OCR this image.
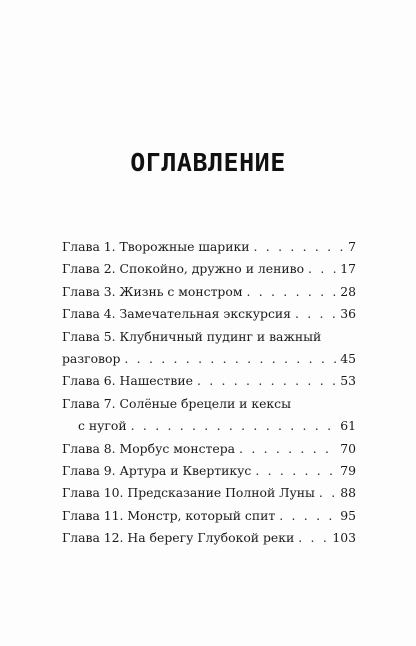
ОГЛАВЛЕНИЕ
Глава 1. Творожные шарики . . .	7
Глава 2. Спокойно, дружно и лениво . . .	17
Глава 3. Жизнь с монстром . . .	28
Глава 4. Замечательная экскурсия . . .	36
Глава 5. Клубничный пудинг и важный
разговор . . .	45
Глава 6. Нашествие . . .	53
Глава 7. Солёные брецели и кексы
с нугой . . .	61
Глава 8. Морбус монстера . . .	70
Глава 9. Артура и Квертикус . . .	79
Глава 10. Предсказание Полной Луны . . . 88
Глава 11. Монстр, который спит . . .	95
Глава 12. На берегу Глубокой реки . . .	103
